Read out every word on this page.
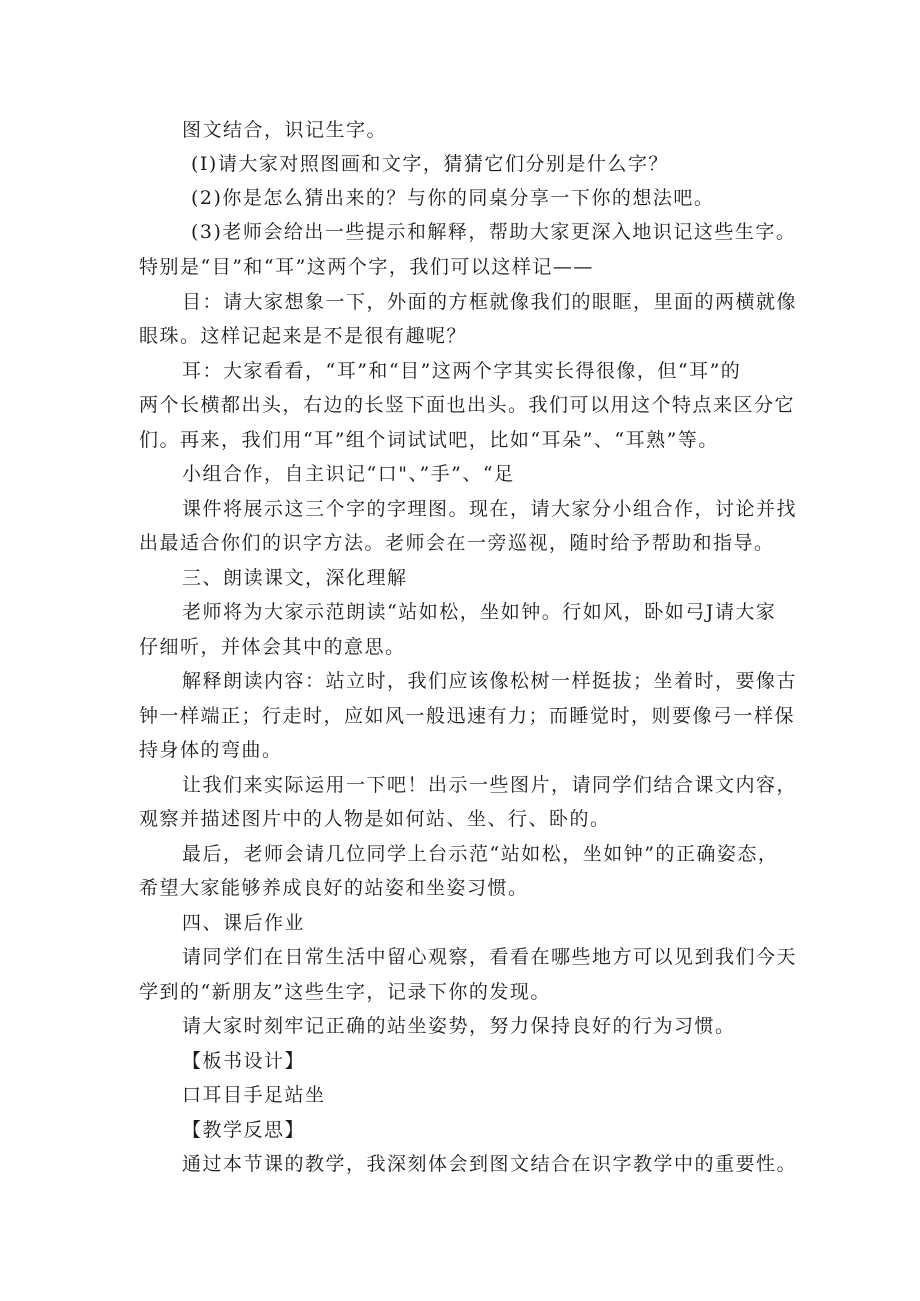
图文结合，识记生字。
(I)请大家对照图画和文字，猜猜它们分别是什么字？
(2)你是怎么猜出来的？与你的同桌分享一下你的想法吧。
(3)老师会给出一些提示和解释，帮助大家更深入地识记这些生字。
特别是“目”和“耳”这两个字，我们可以这样记——
目：请大家想象一下，外面的方框就像我们的眼眶，里面的两横就像
眼珠。这样记起来是不是很有趣呢？
耳：大家看看，“耳”和“目”这两个字其实长得很像，但“耳”的
两个长横都出头，右边的长竖下面也出头。我们可以用这个特点来区分它
们。再来，我们用“耳”组个词试试吧，比如“耳朵”、“耳熟”等。
小组合作，自主识记“口"、”手”、“足
课件将展示这三个字的字理图。现在，请大家分小组合作，讨论并找
出最适合你们的识字方法。老师会在一旁巡视，随时给予帮助和指导。
三、朗读课文，深化理解
老师将为大家示范朗读“站如松，坐如钟。行如风，卧如弓J请大家
仔细听，并体会其中的意思。
解释朗读内容：站立时，我们应该像松树一样挺拔；坐着时，要像古
钟一样端正；行走时，应如风一般迅速有力；而睡觉时，则要像弓一样保
持身体的弯曲。
让我们来实际运用一下吧！出示一些图片，请同学们结合课文内容，
观察并描述图片中的人物是如何站、坐、行、卧的。
最后，老师会请几位同学上台示范“站如松，坐如钟”的正确姿态，
希望大家能够养成良好的站姿和坐姿习惯。
四、课后作业
请同学们在日常生活中留心观察，看看在哪些地方可以见到我们今天
学到的“新朋友”这些生字，记录下你的发现。
请大家时刻牢记正确的站坐姿势，努力保持良好的行为习惯。
【板书设计】
口耳目手足站坐
【教学反思】
通过本节课的教学，我深刻体会到图文结合在识字教学中的重要性。
